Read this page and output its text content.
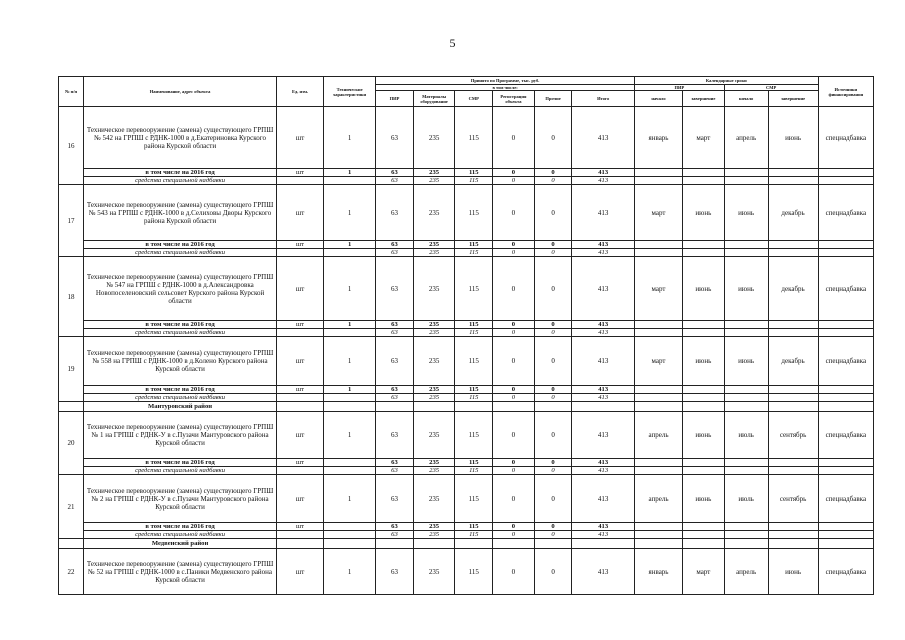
5
№ п/п	Наименование, адрес объекта	Ед. изм.	Технические характеристики	Принято по Программе, тыс. руб.						Календарные сроки				Источники финансирования
				в том числе:						ПИР		СМР		
				ПИР	Материалы оборудование	СМР	Регистрация объекта	Прочие	Итого	начало	завершение	начало	завершение	
16	Техническое перевооружение (замена) существующего ГРПШ № 542 на ГРПШ с РДНК-1000 в д.Екатериновка Курского района Курской области	шт	1	63	235	115	0	0	413	январь	март	апрель	июнь	спецнадбавка
	в том числе на 2016 год	шт	1	63	235	115	0	0	413					
	средства специальной надбавки			63	235	115	0	0	413					
17	Техническое перевооружение (замена) существующего ГРПШ № 543 на ГРПШ с РДНК-1000 в д.Селиховы Дворы Курского района Курской области	шт	1	63	235	115	0	0	413	март	июнь	июнь	декабрь	спецнадбавка
	в том числе на 2016 год	шт	1	63	235	115	0	0	413					
	средства специальной надбавки			63	235	115	0	0	413					
18	Техническое перевооружение (замена) существующего ГРПШ № 547 на ГРПШ с РДНК-1000 в д.Александровка Новопоселеновский сельсовет Курского района Курской области	шт	1	63	235	115	0	0	413	март	июнь	июнь	декабрь	спецнадбавка
	в том числе на 2016 год	шт	1	63	235	115	0	0	413					
	средства специальной надбавки			63	235	115	0	0	413					
19	Техническое перевооружение (замена) существующего ГРПШ № 558 на ГРПШ с РДНК-1000 в д.Колено Курского района Курской области	шт	1	63	235	115	0	0	413	март	июнь	июнь	декабрь	спецнадбавка
	в том числе на 2016 год	шт	1	63	235	115	0	0	413					
	средства специальной надбавки			63	235	115	0	0	413					
	Мантуровский район													
20	Техническое перевооружение (замена) существующего ГРПШ № 1 на ГРПШ с РДНК-У в с.Пузачи Мантуровского района Курской области	шт	1	63	235	115	0	0	413	апрель	июнь	июль	сентябрь	спецнадбавка
	в том числе на 2016 год	шт		63	235	115	0	0	413					
	средства специальной надбавки			63	235	115	0	0	413					
21	Техническое перевооружение (замена) существующего ГРПШ № 2 на ГРПШ с РДНК-У в с.Пузачи Мантуровского района Курской области	шт	1	63	235	115	0	0	413	апрель	июнь	июль	сентябрь	спецнадбавка
	в том числе на 2016 год	шт		63	235	115	0	0	413					
	средства специальной надбавки			63	235	115	0	0	413					
	Медвенский район													
22	Техническое перевооружение (замена) существующего ГРПШ № 52 на ГРПШ с РДНК-1000 в с.Паники Медвенского района Курской области	шт	1	63	235	115	0	0	413	январь	март	апрель	июнь	спецнадбавка
